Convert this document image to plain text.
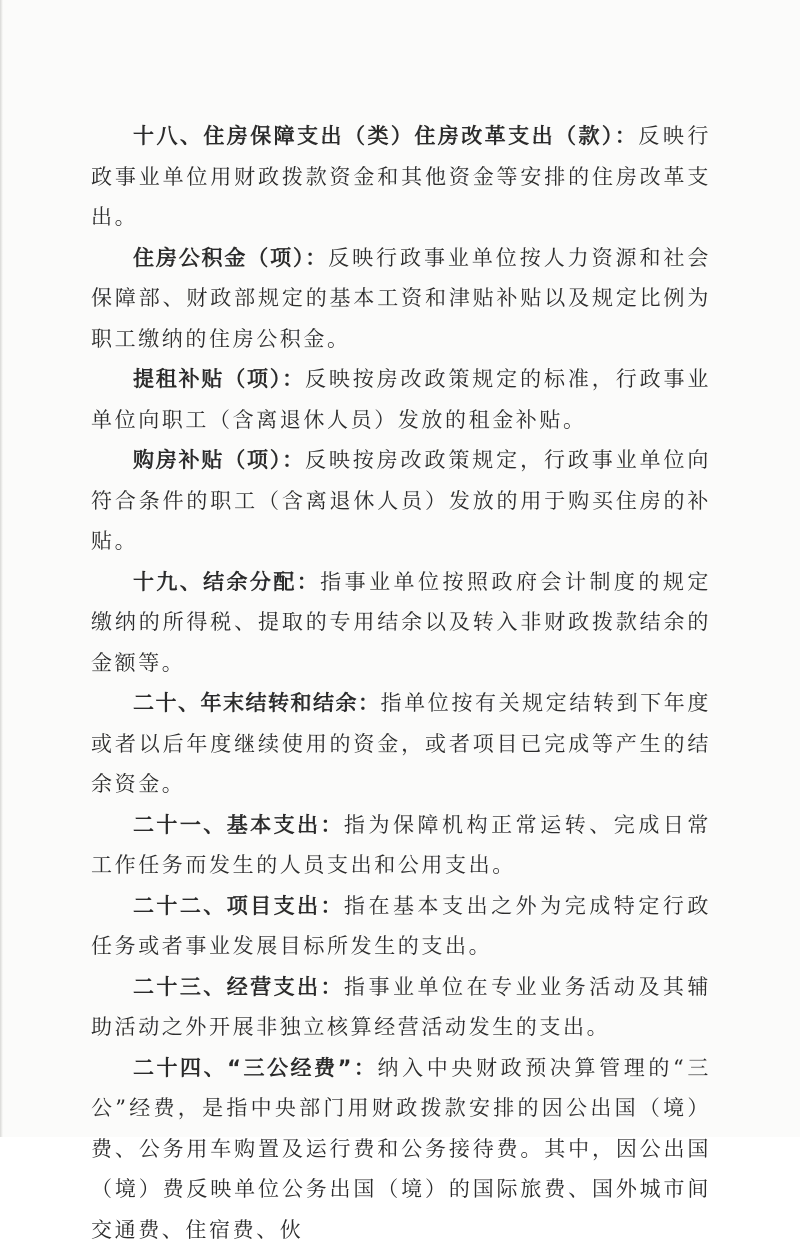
十八、住房保障支出（类）住房改革支出（款）：反映行政事业单位用财政拨款资金和其他资金等安排的住房改革支出。

住房公积金（项）：反映行政事业单位按人力资源和社会保障部、财政部规定的基本工资和津贴补贴以及规定比例为职工缴纳的住房公积金。

提租补贴（项）：反映按房改政策规定的标准，行政事业单位向职工（含离退休人员）发放的租金补贴。

购房补贴（项）：反映按房改政策规定，行政事业单位向符合条件的职工（含离退休人员）发放的用于购买住房的补贴。

十九、结余分配：指事业单位按照政府会计制度的规定缴纳的所得税、提取的专用结余以及转入非财政拨款结余的金额等。

二十、年末结转和结余：指单位按有关规定结转到下年度或者以后年度继续使用的资金，或者项目已完成等产生的结余资金。

二十一、基本支出：指为保障机构正常运转、完成日常工作任务而发生的人员支出和公用支出。

二十二、项目支出：指在基本支出之外为完成特定行政任务或者事业发展目标所发生的支出。

二十三、经营支出：指事业单位在专业业务活动及其辅助活动之外开展非独立核算经营活动发生的支出。

二十四、“三公经费”：纳入中央财政预决算管理的“三公”经费，是指中央部门用财政拨款安排的因公出国（境）费、公务用车购置及运行费和公务接待费。其中，因公出国（境）费反映单位公务出国（境）的国际旅费、国外城市间交通费、住宿费、伙
